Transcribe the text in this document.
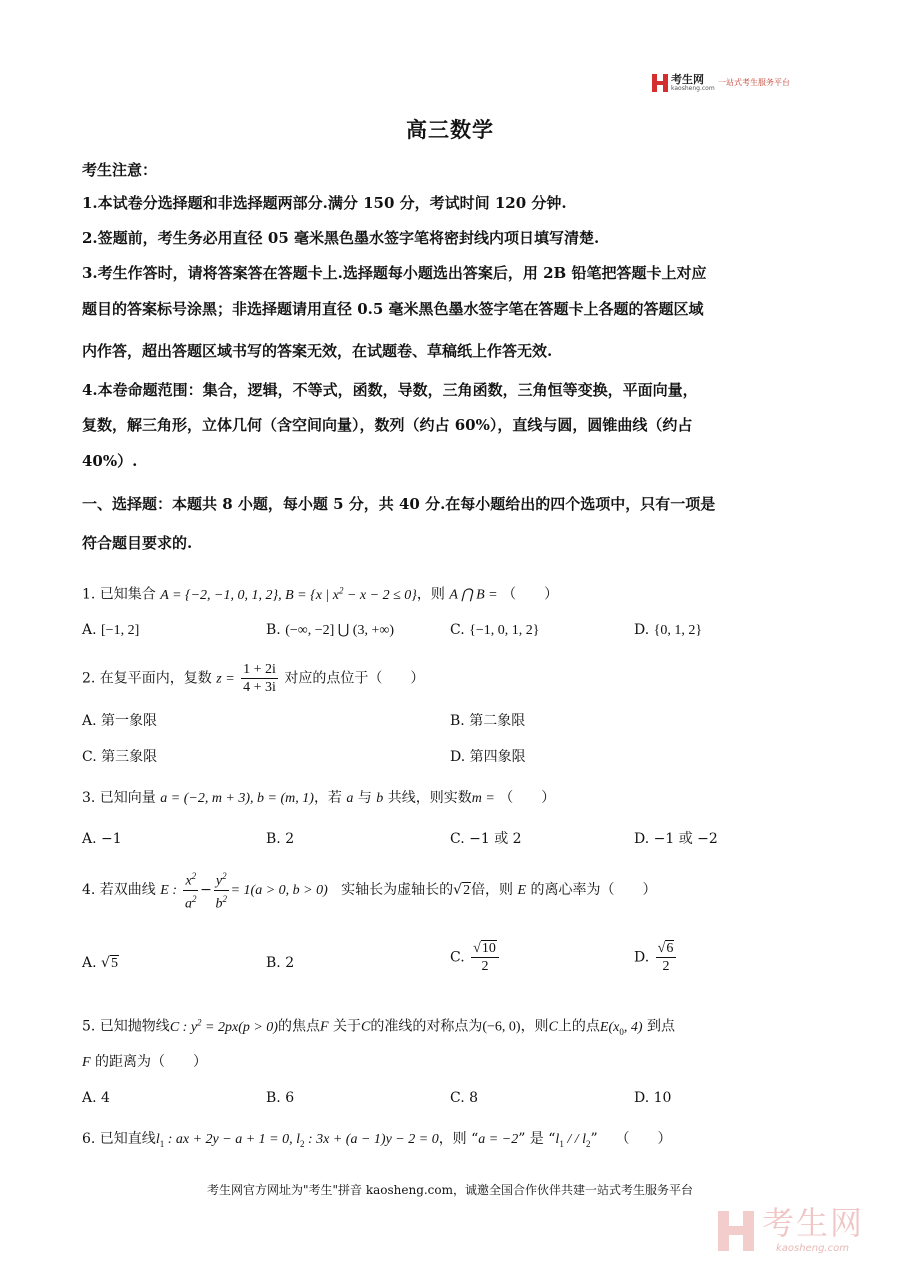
考生网
kaosheng.com
一站式考生服务平台
高三数学
考生注意：
1.本试卷分选择题和非选择题两部分.满分 150 分，考试时间 120 分钟.
2.签题前，考生务必用直径 05 毫米黑色墨水签字笔将密封线内项日填写清楚.
3.考生作答时，请将答案答在答题卡上.选择题每小题选出答案后，用 2B 铅笔把答题卡上对应
题目的答案标号涂黑；非选择题请用直径 0.5 毫米黑色墨水签字笔在答题卡上各题的答题区域
内作答，超出答题区域书写的答案无效，在试题卷、草稿纸上作答无效.
4.本卷命题范围：集合，逻辑，不等式，函数，导数，三角函数，三角恒等变换，平面向量，
复数，解三角形，立体几何（含空间向量），数列（约占 60%），直线与圆，圆锥曲线（约占
40%）.
一、选择题：本题共 8 小题，每小题 5 分，共 40 分.在每小题给出的四个选项中，只有一项是
符合题目要求的.
1. 已知集合 A = {−2, −1, 0, 1, 2}, B = {x | $x^2 - x - 2 \le 0$}，则 A ⋂ B = （　　）
A. [−1, 2]	B. (−∞, −2] ⋃ (3, +∞)	C. {−1, 0, 1, 2}	D. {0, 1, 2}
2. 在复平面内，复数 $z = \frac{1 + 2i}{4 + 3i}$ 对应的点位于（　　）
A. 第一象限	B. 第二象限
C. 第三象限	D. 第四象限
3. 已知向量 a = (−2, m + 3), b = (m, 1)，若 a 与 b 共线，则实数m = （　　）
A. −1	B. 2	C. −1 或 2	D. −1 或 −2
4. 若双曲线 E : $\frac{x^2}{a^2} - \frac{y^2}{b^2} = 1(a > 0$, b > 0) 实轴长为虚轴长的√2倍，则 E 的离心率为（　　）
A. √5	B. 2	C. $\frac{√10}{2}$	D. $\frac{√6}{2}$
5. 已知抛物线C : $y^2 = 2px(p > 0)$的焦点F 关于C的准线的对称点为(−6, 0)，则C上的点$E(x_0$, 4) 到点
F 的距离为（　　）
A. 4	B. 6	C. 8	D. 10
6. 已知直线$l_1$ : ax + 2y − a + 1 = 0, $l_2$ : 3x + (a − 1)y − 2 = 0，则 “a = −2” 是 “$l_1$ / / $l_2$” （　　）
考生网官方网址为"考生"拼音 kaosheng.com，诚邀全国合作伙伴共建一站式考生服务平台
考生网
kaosheng.com
